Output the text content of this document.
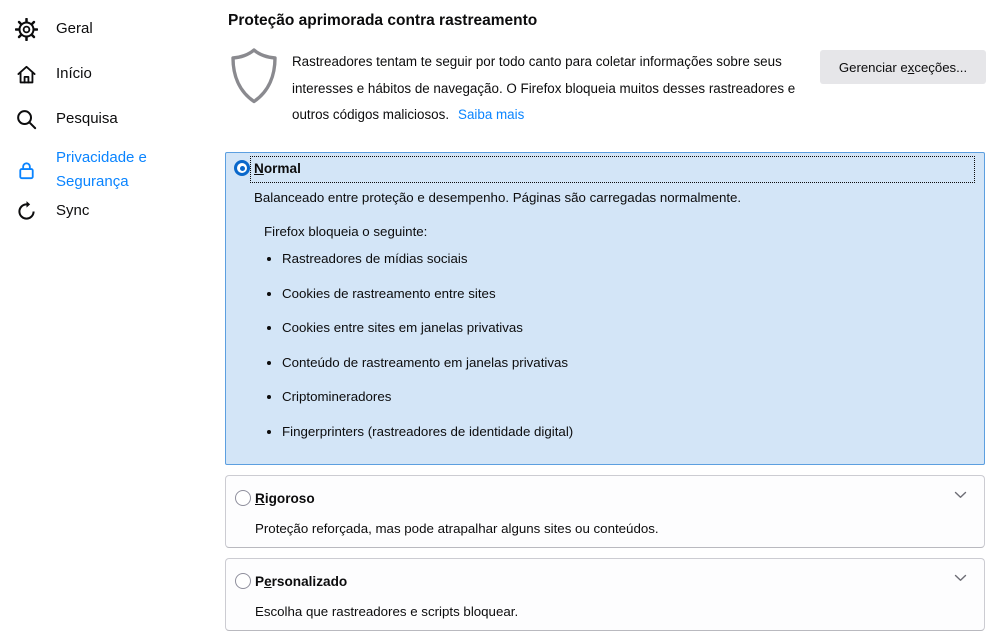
Geral
Início
Pesquisa
Privacidade e Segurança
Sync
Proteção aprimorada contra rastreamento

Rastreadores tentam te seguir por todo canto para coletar informações sobre seus interesses e hábitos de navegação. O Firefox bloqueia muitos desses rastreadores e outros códigos maliciosos. Saiba mais

Gerenciar exceções...
Normal

Balanceado entre proteção e desempenho. Páginas são carregadas normalmente.

Firefox bloqueia o seguinte:

• Rastreadores de mídias sociais
• Cookies de rastreamento entre sites
• Cookies entre sites em janelas privativas
• Conteúdo de rastreamento em janelas privativas
• Criptomineradores
• Fingerprinters (rastreadores de identidade digital)
Rigoroso

Proteção reforçada, mas pode atrapalhar alguns sites ou conteúdos.

Personalizado

Escolha que rastreadores e scripts bloquear.
